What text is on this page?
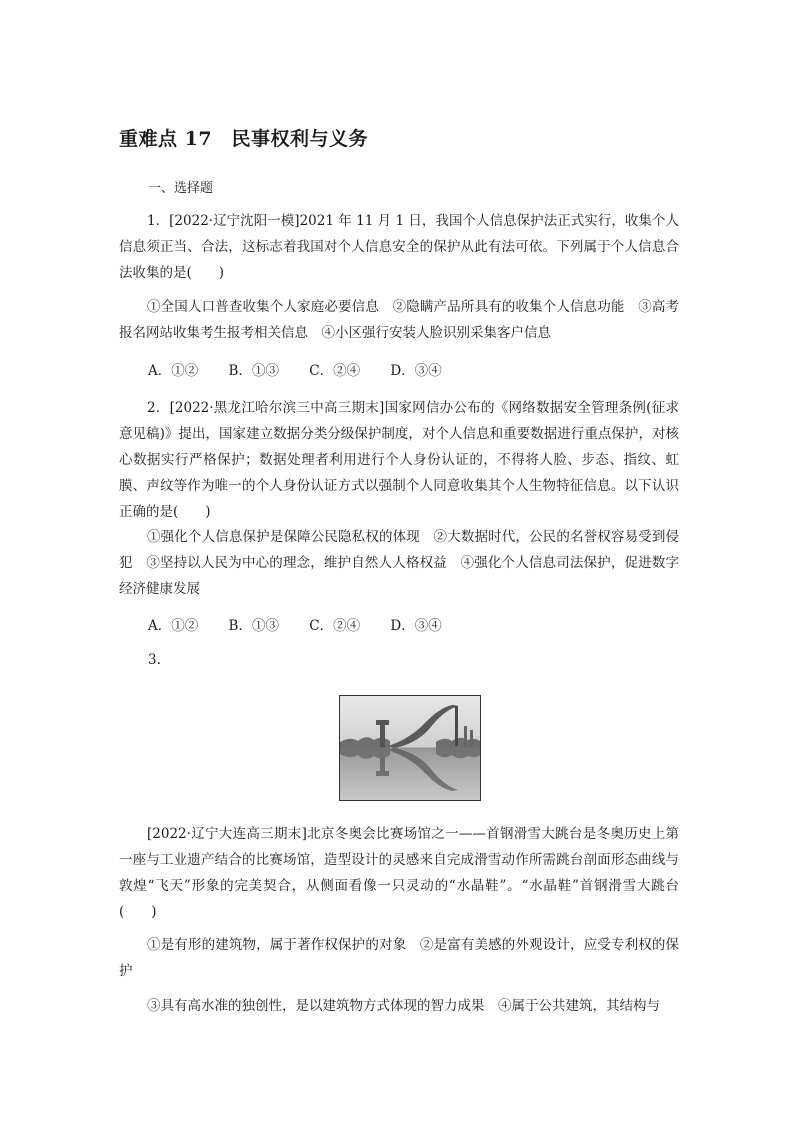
重难点 17　民事权利与义务
一、选择题
1．[2022·辽宁沈阳一模]2021 年 11 月 1 日，我国个人信息保护法正式实行，收集个人信息须正当、合法，这标志着我国对个人信息安全的保护从此有法可依。下列属于个人信息合法收集的是(　　)
①全国人口普查收集个人家庭必要信息　②隐瞒产品所具有的收集个人信息功能　③高考报名网站收集考生报考相关信息　④小区强行安装人脸识别采集客户信息
A．①② B．①③ C．②④ D．③④
2．[2022·黑龙江哈尔滨三中高三期末]国家网信办公布的《网络数据安全管理条例(征求意见稿)》提出，国家建立数据分类分级保护制度，对个人信息和重要数据进行重点保护，对核心数据实行严格保护；数据处理者利用进行个人身份认证的，不得将人脸、步态、指纹、虹膜、声纹等作为唯一的个人身份认证方式以强制个人同意收集其个人生物特征信息。以下认识正确的是(　　)
①强化个人信息保护是保障公民隐私权的体现　②大数据时代，公民的名誉权容易受到侵犯　③坚持以人民为中心的理念，维护自然人人格权益　④强化个人信息司法保护，促进数字经济健康发展
A．①② B．①③ C．②④ D．③④
3.
[2022·辽宁大连高三期末]北京冬奥会比赛场馆之一——首钢滑雪大跳台是冬奥历史上第一座与工业遗产结合的比赛场馆，造型设计的灵感来自完成滑雪动作所需跳台剖面形态曲线与敦煌“飞天”形象的完美契合，从侧面看像一只灵动的“水晶鞋”。“水晶鞋”首钢滑雪大跳台(　　)
①是有形的建筑物，属于著作权保护的对象　②是富有美感的外观设计，应受专利权的保护
③具有高水准的独创性，是以建筑物方式体现的智力成果　④属于公共建筑，其结构与
